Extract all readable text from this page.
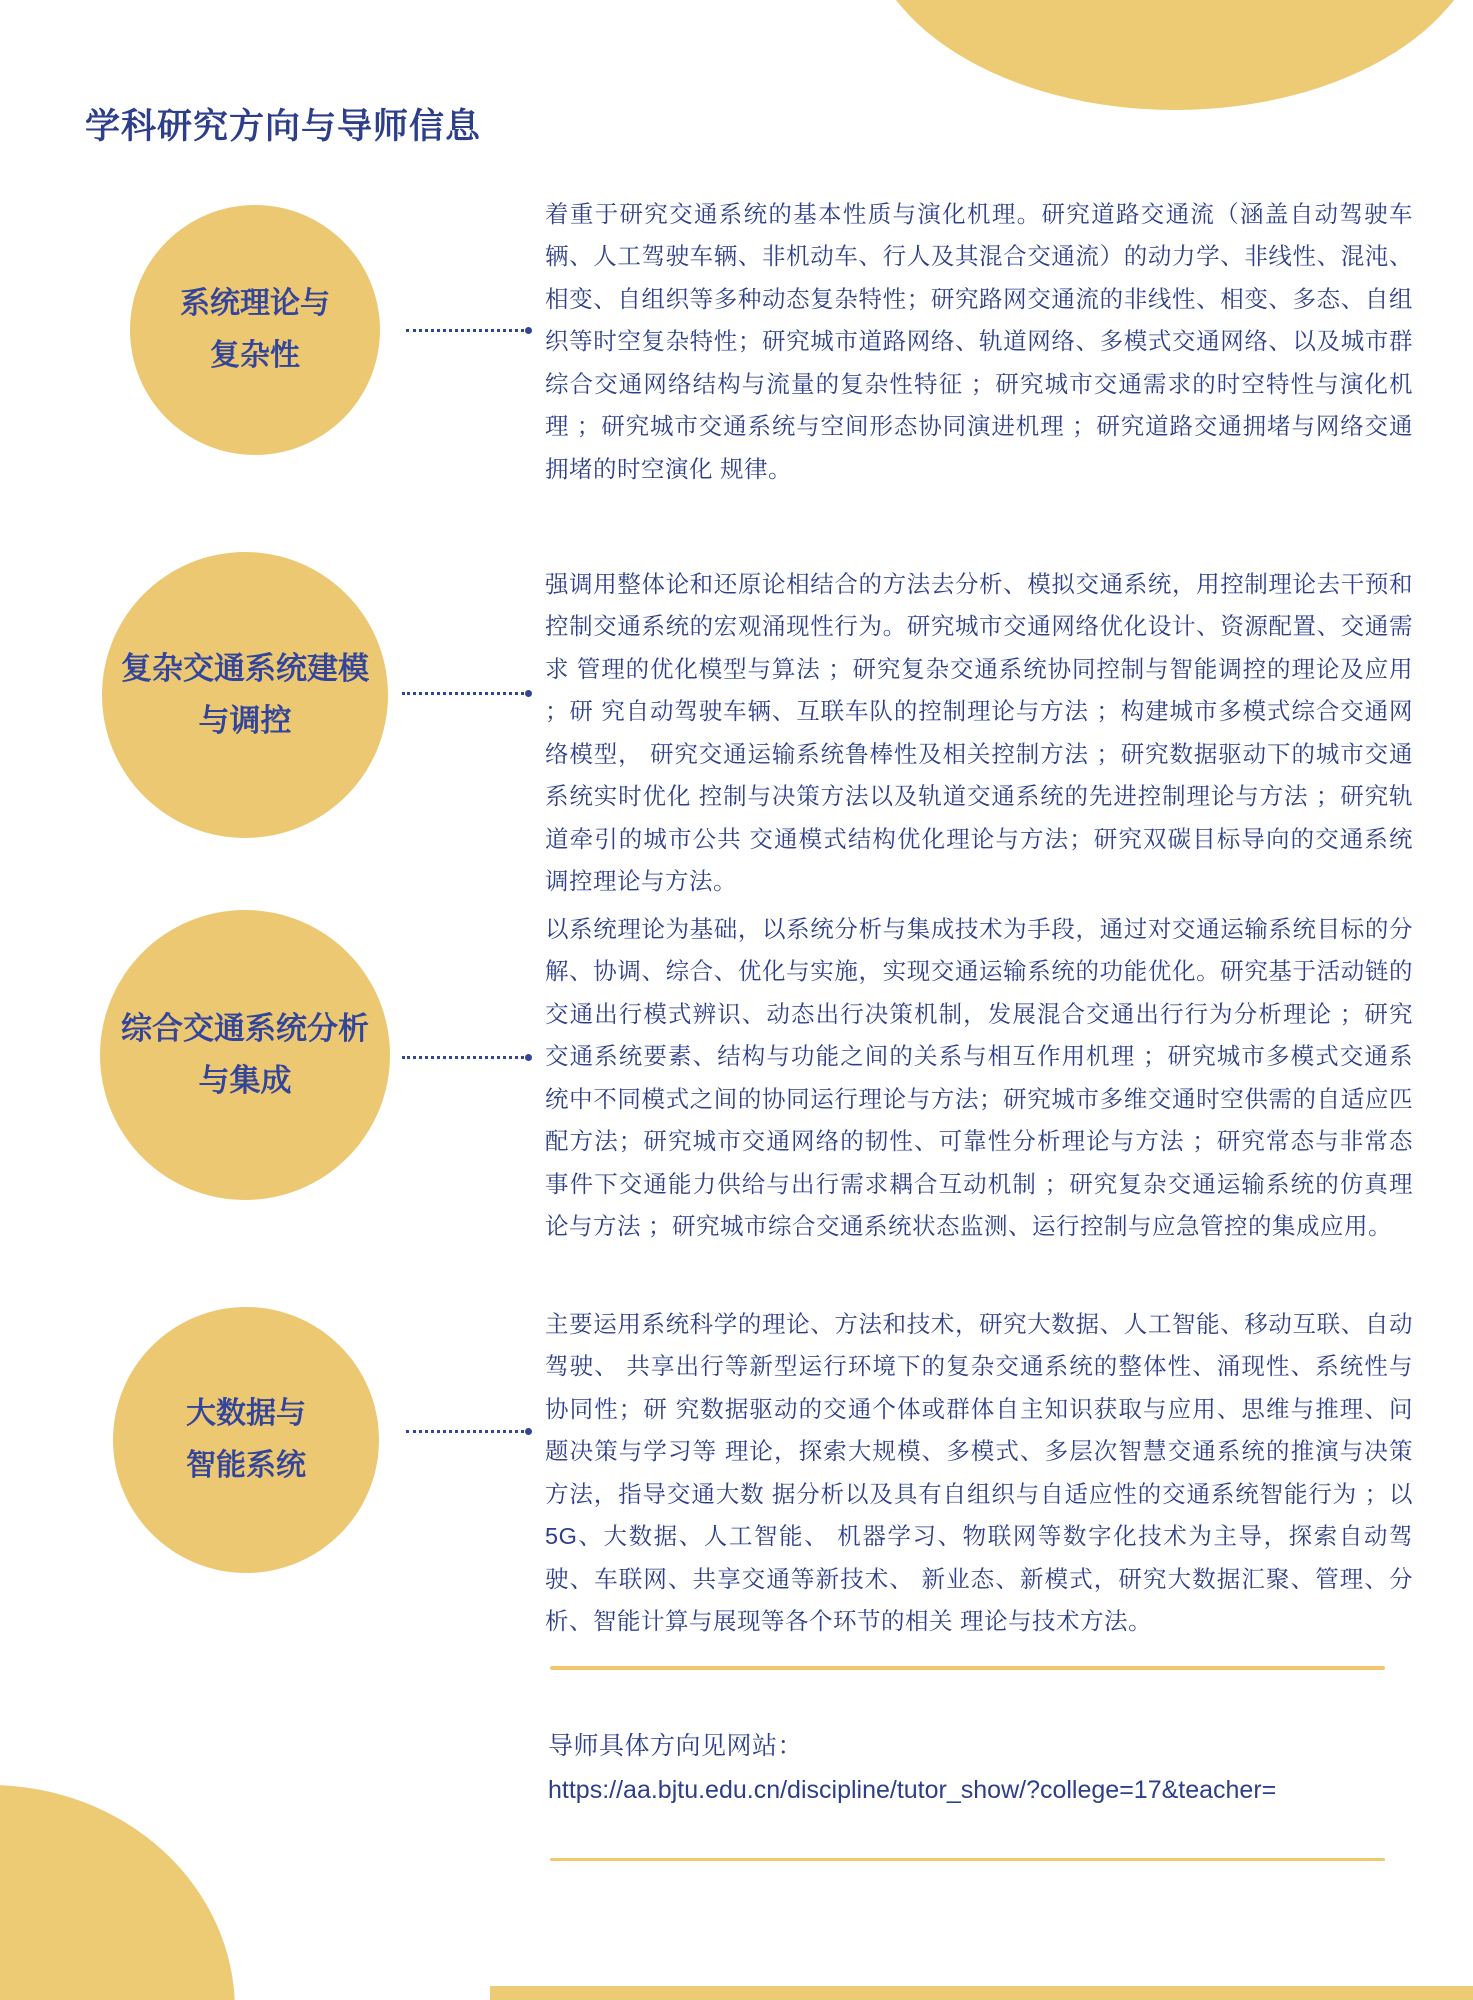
学科研究方向与导师信息
系统理论与
复杂性

着重于研究交通系统的基本性质与演化机理。研究道路交通流（涵盖自动驾驶车辆、人工驾驶车辆、非机动车、行人及其混合交通流）的动力学、非线性、混沌、相变、自组织等多种动态复杂特性；研究路网交通流的非线性、相变、多态、自组织等时空复杂特性；研究城市道路网络、轨道网络、多模式交通网络、以及城市群综合交通网络结构与流量的复杂性特征 ；研究城市交通需求的时空特性与演化机理 ；研究城市交通系统与空间形态协同演进机理 ；研究道路交通拥堵与网络交通拥堵的时空演化 规律。

复杂交通系统建模
与调控

强调用整体论和还原论相结合的方法去分析、模拟交通系统，用控制理论去干预和控制交通系统的宏观涌现性行为。研究城市交通网络优化设计、资源配置、交通需求 管理的优化模型与算法 ；研究复杂交通系统协同控制与智能调控的理论及应用 ；研 究自动驾驶车辆、互联车队的控制理论与方法 ；构建城市多模式综合交通网络模型， 研究交通运输系统鲁棒性及相关控制方法 ；研究数据驱动下的城市交通系统实时优化 控制与决策方法以及轨道交通系统的先进控制理论与方法 ；研究轨道牵引的城市公共 交通模式结构优化理论与方法；研究双碳目标导向的交通系统调控理论与方法。

综合交通系统分析
与集成

以系统理论为基础，以系统分析与集成技术为手段，通过对交通运输系统目标的分解、协调、综合、优化与实施，实现交通运输系统的功能优化。研究基于活动链的交通出行模式辨识、动态出行决策机制，发展混合交通出行行为分析理论 ；研究交通系统要素、结构与功能之间的关系与相互作用机理 ；研究城市多模式交通系统中不同模式之间的协同运行理论与方法；研究城市多维交通时空供需的自适应匹配方法；研究城市交通网络的韧性、可靠性分析理论与方法 ；研究常态与非常态事件下交通能力供给与出行需求耦合互动机制 ；研究复杂交通运输系统的仿真理论与方法 ；研究城市综合交通系统状态监测、运行控制与应急管控的集成应用。

大数据与
智能系统

主要运用系统科学的理论、方法和技术，研究大数据、人工智能、移动互联、自动驾驶、 共享出行等新型运行环境下的复杂交通系统的整体性、涌现性、系统性与协同性；研 究数据驱动的交通个体或群体自主知识获取与应用、思维与推理、问题决策与学习等 理论，探索大规模、多模式、多层次智慧交通系统的推演与决策方法，指导交通大数 据分析以及具有自组织与自适应性的交通系统智能行为 ；以 5G、大数据、人工智能、 机器学习、物联网等数字化技术为主导，探索自动驾驶、车联网、共享交通等新技术、 新业态、新模式，研究大数据汇聚、管理、分析、智能计算与展现等各个环节的相关 理论与技术方法。

导师具体方向见网站：
https://aa.bjtu.edu.cn/discipline/tutor_show/?college=17&teacher=
